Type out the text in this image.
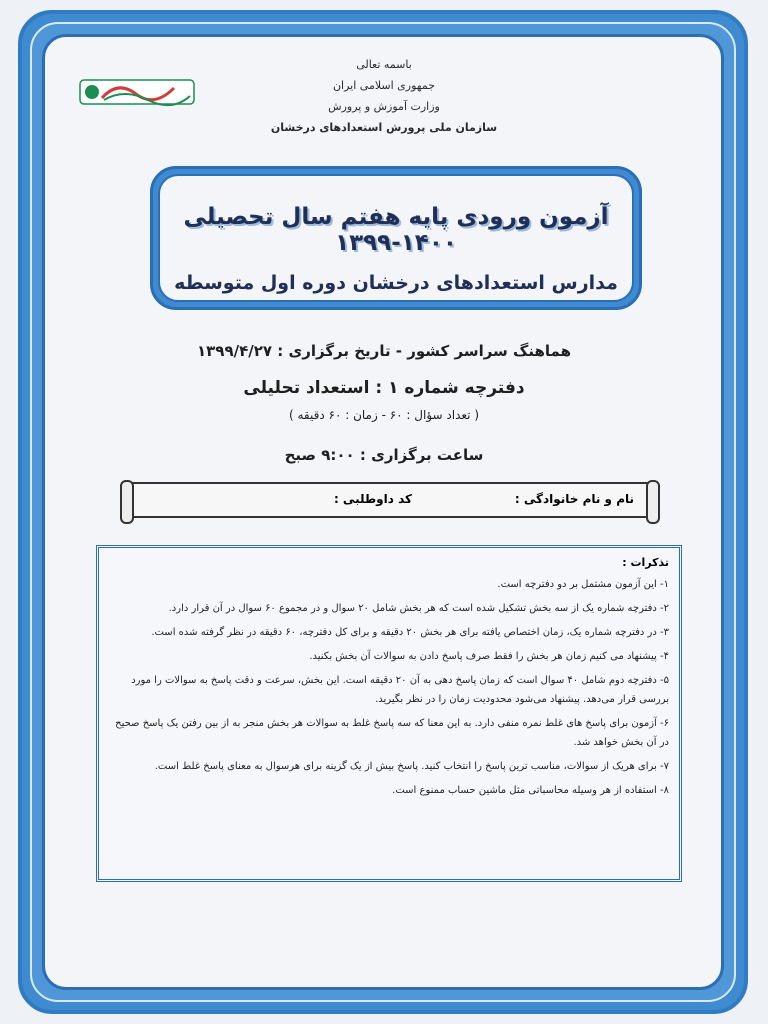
باسمه تعالی
جمهوری اسلامی ایران
وزارت آموزش و پرورش
سازمان ملی پرورش استعدادهای درخشان
آزمون ورودی پایه هفتم سال تحصیلی ۱۴۰۰-۱۳۹۹
مدارس استعدادهای درخشان دوره اول متوسطه
هماهنگ سراسر کشور - تاریخ برگزاری : ۱۳۹۹/۴/۲۷
دفترچه شماره ۱ : استعداد تحلیلی
( تعداد سؤال : ۶۰ - زمان : ۶۰ دقیقه )
ساعت برگزاری : ۹:۰۰ صبح
نام و نام خانوادگی :
کد داوطلبی :
تذکرات :
۱- این آزمون مشتمل بر دو دفترچه است.
۲- دفترچه شماره یک از سه بخش تشکیل شده است که هر بخش شامل ۲۰ سوال و در مجموع ۶۰ سوال در آن قرار دارد.
۳- در دفترچه شماره یک، زمان اختصاص یافته برای هر بخش ۲۰ دقیقه و برای کل دفترچه، ۶۰ دقیقه در نظر گرفته شده است.
۴- پیشنهاد می کنیم زمان هر بخش را فقط صرف پاسخ دادن به سوالات آن بخش بکنید.
۵- دفترچه دوم شامل ۴۰ سوال است که زمان پاسخ دهی به آن ۲۰ دقیقه است. این بخش، سرعت و دقت پاسخ به سوالات را مورد بررسی قرار می‌دهد. پیشنهاد می‌شود محدودیت زمان را در نظر بگیرید.
۶- آزمون برای پاسخ های غلط نمره منفی دارد. به این معنا که سه پاسخ غلط به سوالات هر بخش منجر به از بین رفتن یک پاسخ صحیح در آن بخش خواهد شد.
۷- برای هریک از سوالات، مناسب ترین پاسخ را انتخاب کنید. پاسخ بیش از یک گزینه برای هرسوال به معنای پاسخ غلط است.
۸- استفاده از هر وسیله محاسباتی مثل ماشین حساب ممنوع است.
